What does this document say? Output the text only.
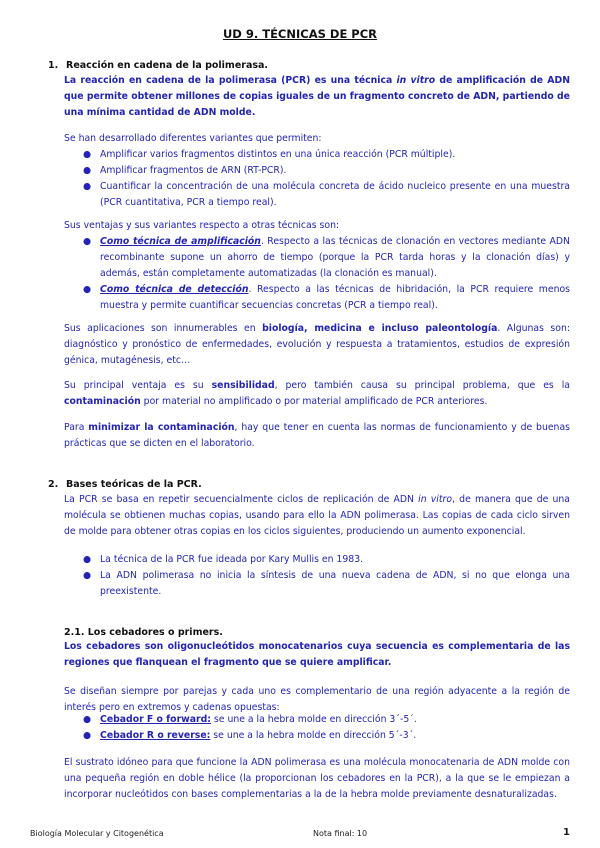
UD 9. TÉCNICAS DE PCR
1. Reacción en cadena de la polimerasa.
La reacción en cadena de la polimerasa (PCR) es una técnica in vitro de amplificación de ADN que permite obtener millones de copias iguales de un fragmento concreto de ADN, partiendo de una mínima cantidad de ADN molde.
Se han desarrollado diferentes variantes que permiten:
● Amplificar varios fragmentos distintos en una única reacción (PCR múltiple).
● Amplificar fragmentos de ARN (RT-PCR).
● Cuantificar la concentración de una molécula concreta de ácido nucleico presente en una muestra (PCR cuantitativa, PCR a tiempo real).
Sus ventajas y sus variantes respecto a otras técnicas son:
● Como técnica de amplificación. Respecto a las técnicas de clonación en vectores mediante ADN recombinante supone un ahorro de tiempo (porque la PCR tarda horas y la clonación días) y además, están completamente automatizadas (la clonación es manual).
● Como técnica de detección. Respecto a las técnicas de hibridación, la PCR requiere menos muestra y permite cuantificar secuencias concretas (PCR a tiempo real).
Sus aplicaciones son innumerables en biología, medicina e incluso paleontología. Algunas son: diagnóstico y pronóstico de enfermedades, evolución y respuesta a tratamientos, estudios de expresión génica, mutagénesis, etc…
Su principal ventaja es su sensibilidad, pero también causa su principal problema, que es la contaminación por material no amplificado o por material amplificado de PCR anteriores.
Para minimizar la contaminación, hay que tener en cuenta las normas de funcionamiento y de buenas prácticas que se dicten en el laboratorio.
2. Bases teóricas de la PCR.
La PCR se basa en repetir secuencialmente ciclos de replicación de ADN in vitro, de manera que de una molécula se obtienen muchas copias, usando para ello la ADN polimerasa. Las copias de cada ciclo sirven de molde para obtener otras copias en los ciclos siguientes, produciendo un aumento exponencial.
● La técnica de la PCR fue ideada por Kary Mullis en 1983.
● La ADN polimerasa no inicia la síntesis de una nueva cadena de ADN, si no que elonga una preexistente.
2.1. Los cebadores o primers.
Los cebadores son oligonucleótidos monocatenarios cuya secuencia es complementaria de las regiones que flanquean el fragmento que se quiere amplificar.
Se diseñan siempre por parejas y cada uno es complementario de una región adyacente a la región de interés pero en extremos y cadenas opuestas:
● Cebador F o forward: se une a la hebra molde en dirección 3´-5´.
● Cebador R o reverse: se une a la hebra molde en dirección 5´-3´.
El sustrato idóneo para que funcione la ADN polimerasa es una molécula monocatenaria de ADN molde con una pequeña región en doble hélice (la proporcionan los cebadores en la PCR), a la que se le empiezan a incorporar nucleótidos con bases complementarias a la de la hebra molde previamente desnaturalizadas.
Biología Molecular y Citogenética	Nota final: 10	1
